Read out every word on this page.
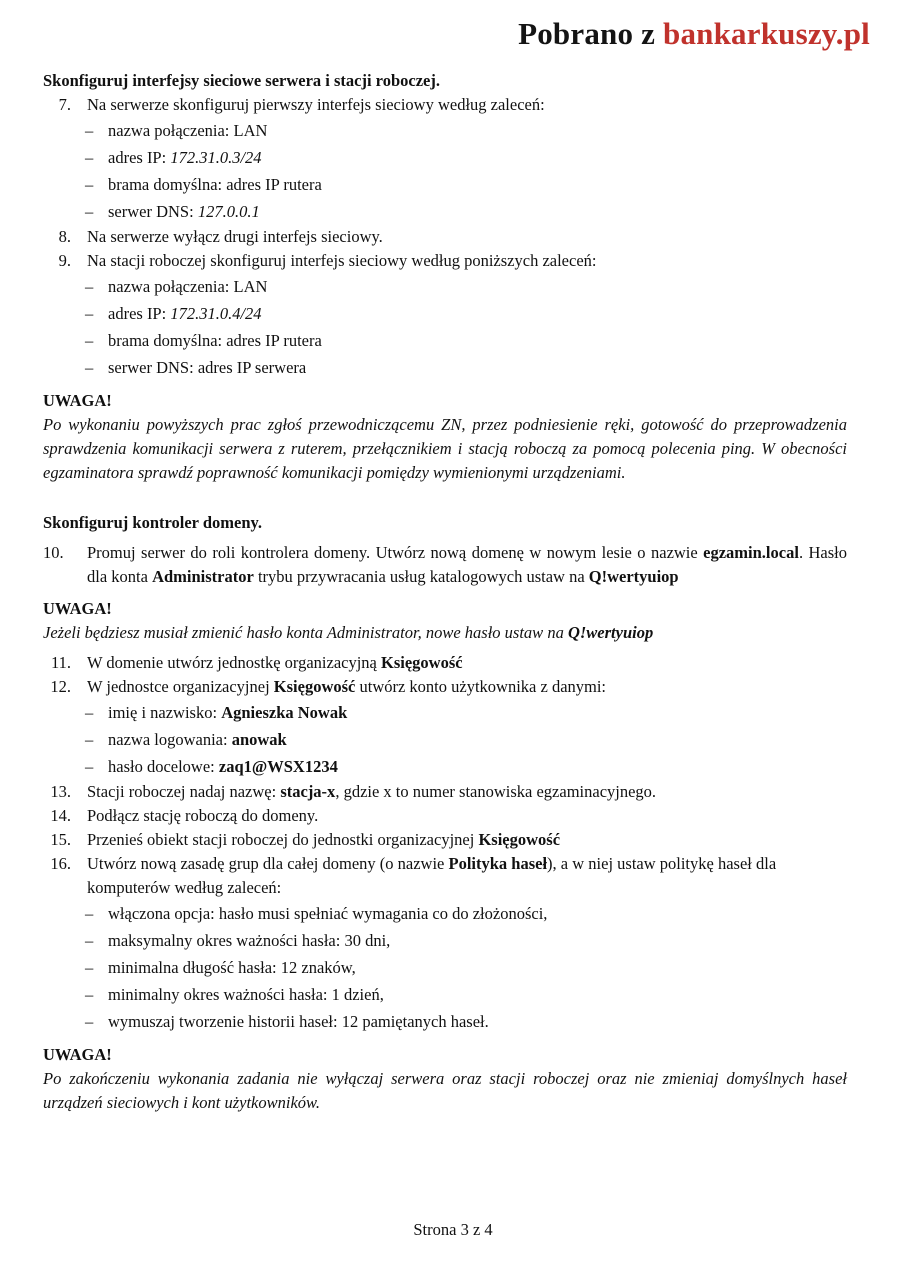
Pobrano z bankarkuszy.pl

Skonfiguruj interfejsy sieciowe serwera i stacji roboczej.

7. Na serwerze skonfiguruj pierwszy interfejs sieciowy według zaleceń:
– nazwa połączenia: LAN
– adres IP: 172.31.0.3/24
– brama domyślna: adres IP rutera
– serwer DNS: 127.0.0.1
8. Na serwerze wyłącz drugi interfejs sieciowy.
9. Na stacji roboczej skonfiguruj interfejs sieciowy według poniższych zaleceń:
– nazwa połączenia: LAN
– adres IP: 172.31.0.4/24
– brama domyślna: adres IP rutera
– serwer DNS: adres IP serwera
UWAGA!
Po wykonaniu powyższych prac zgłoś przewodniczącemu ZN, przez podniesienie ręki, gotowość do przeprowadzenia sprawdzenia komunikacji serwera z ruterem, przełącznikiem i stacją roboczą za pomocą polecenia ping. W obecności egzaminatora sprawdź poprawność komunikacji pomiędzy wymienionymi urządzeniami.

Skonfiguruj kontroler domeny.

10.	Promuj serwer do roli kontrolera domeny. Utwórz nową domenę w nowym lesie o nazwie egzamin.local. Hasło dla konta Administrator trybu przywracania usług katalogowych ustaw na Q!wertyuiop
UWAGA!
Jeżeli będziesz musiał zmienić hasło konta Administrator, nowe hasło ustaw na Q!wertyuiop
11. W domenie utwórz jednostkę organizacyjną Księgowość
12. W jednostce organizacyjnej Księgowość utwórz konto użytkownika z danymi:
– imię i nazwisko: Agnieszka Nowak
– nazwa logowania: anowak
– hasło docelowe: zaq1@WSX1234
13. Stacji roboczej nadaj nazwę: stacja-x, gdzie x to numer stanowiska egzaminacyjnego.
14. Podłącz stację roboczą do domeny.
15. Przenieś obiekt stacji roboczej do jednostki organizacyjnej Księgowość
16. Utwórz nową zasadę grup dla całej domeny (o nazwie Polityka haseł), a w niej ustaw politykę haseł dla komputerów według zaleceń:
– włączona opcja: hasło musi spełniać wymagania co do złożoności,
– maksymalny okres ważności hasła: 30 dni,
– minimalna długość hasła: 12 znaków,
– minimalny okres ważności hasła: 1 dzień,
– wymuszaj tworzenie historii haseł: 12 pamiętanych haseł.
UWAGA!
Po zakończeniu wykonania zadania nie wyłączaj serwera oraz stacji roboczej oraz nie zmieniaj domyślnych haseł urządzeń sieciowych i kont użytkowników.
Strona 3 z 4
